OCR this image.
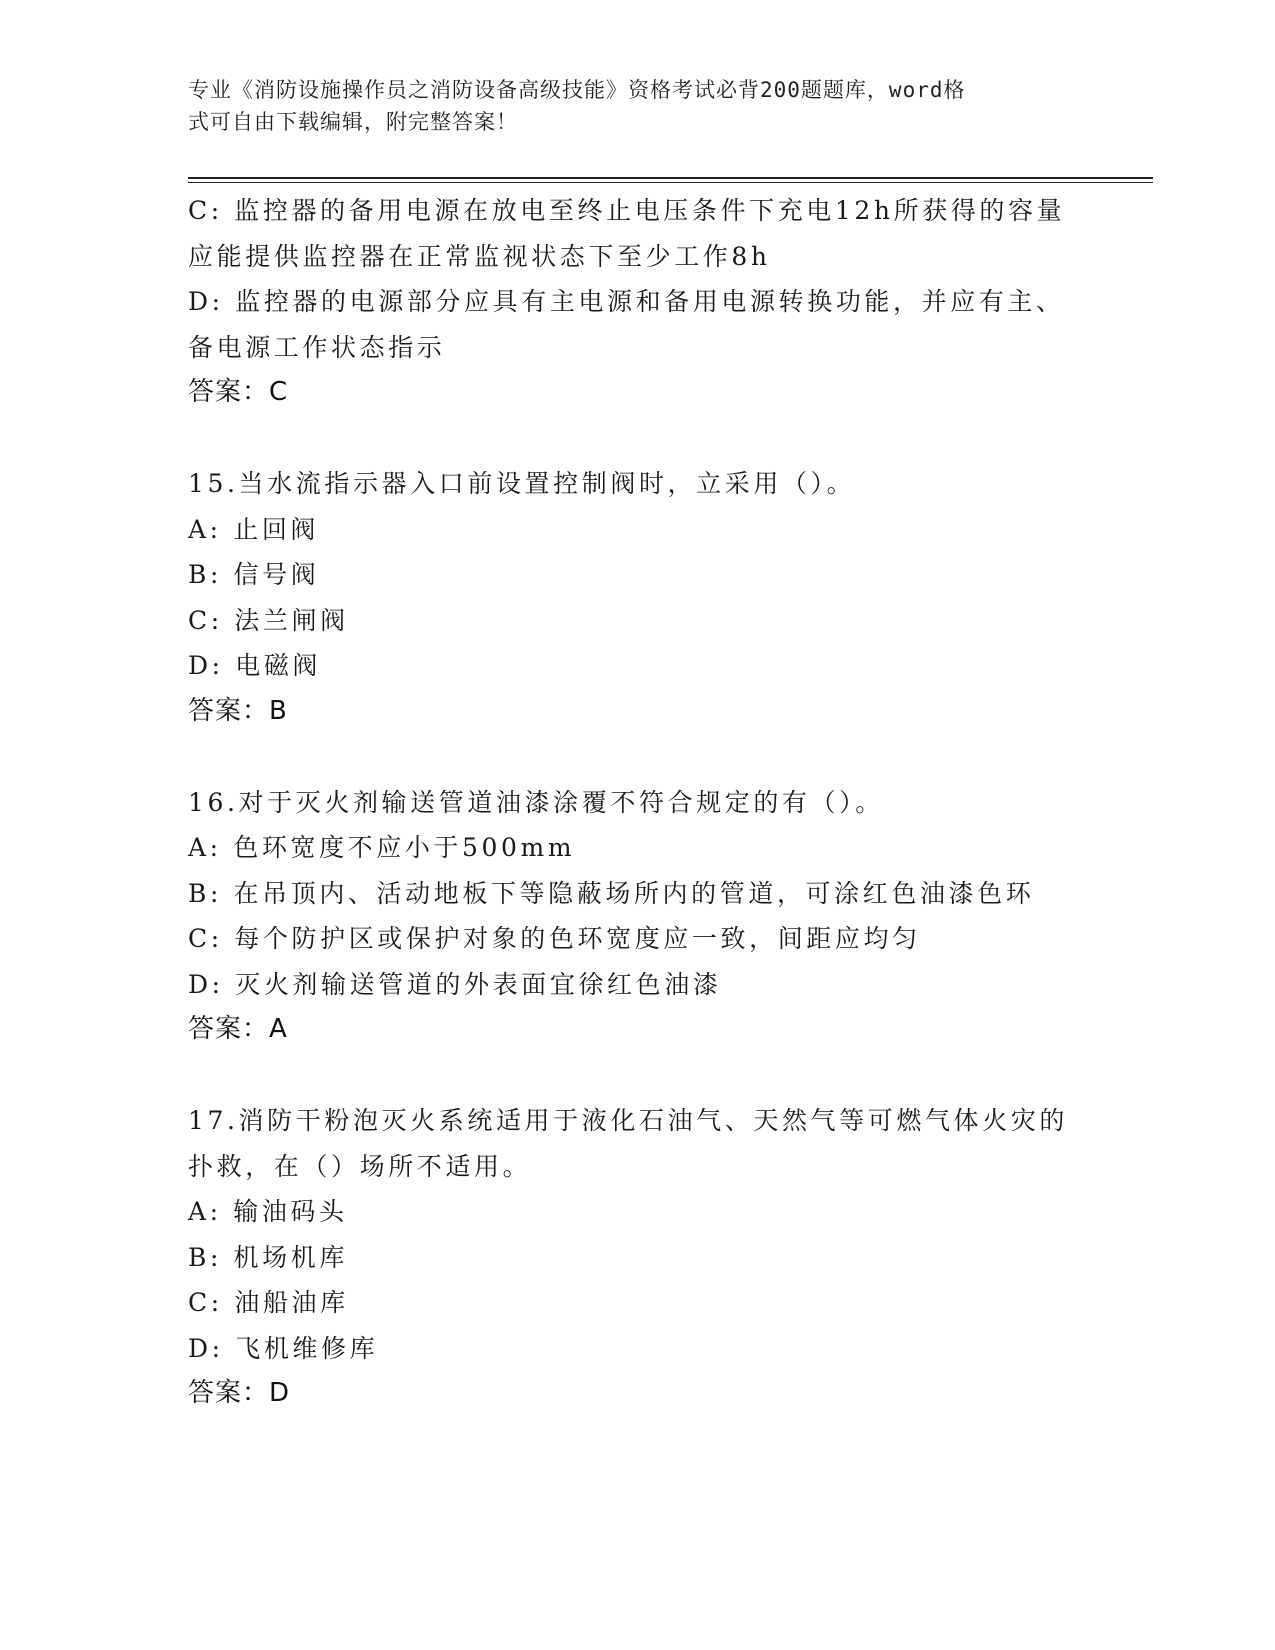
专业《消防设施操作员之消防设备高级技能》资格考试必背200题题库，word格
式可自由下载编辑，附完整答案！
C: 监控器的备用电源在放电至终止电压条件下充电12h所获得的容量
应能提供监控器在正常监视状态下至少工作8h
D: 监控器的电源部分应具有主电源和备用电源转换功能，并应有主、
备电源工作状态指示
答案：C
15.当水流指示器入口前设置控制阀时，立采用（）。
A: 止回阀
B: 信号阀
C: 法兰闸阀
D: 电磁阀
答案：B
16.对于灭火剂输送管道油漆涂覆不符合规定的有（）。
A: 色环宽度不应小于500mm
B: 在吊顶内、活动地板下等隐蔽场所内的管道，可涂红色油漆色环
C: 每个防护区或保护对象的色环宽度应一致，间距应均匀
D: 灭火剂输送管道的外表面宜徐红色油漆
答案：A
17.消防干粉泡灭火系统适用于液化石油气、天然气等可燃气体火灾的
扑救，在（）场所不适用。
A: 输油码头
B: 机场机库
C: 油船油库
D: 飞机维修库
答案：D
